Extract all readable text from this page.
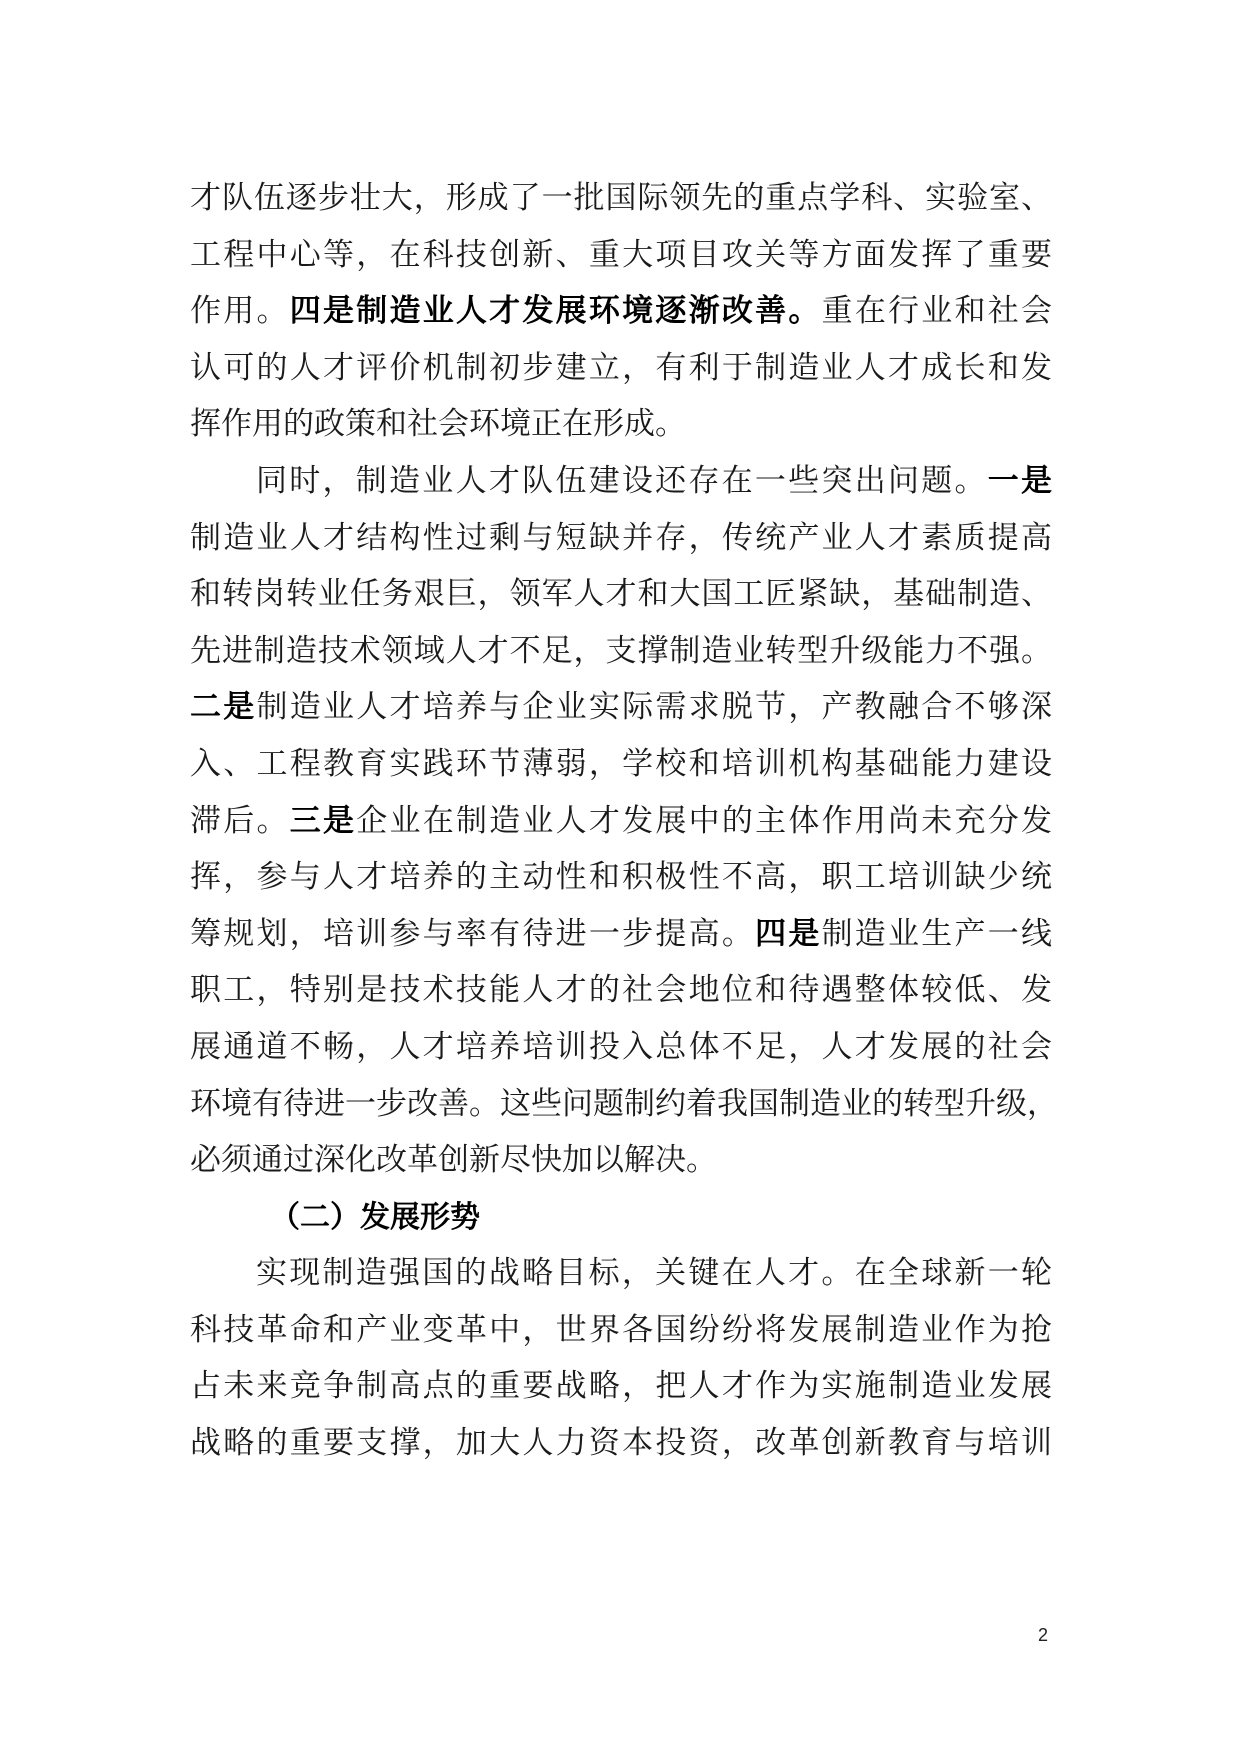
才队伍逐步壮大，形成了一批国际领先的重点学科、实验室、
工程中心等，在科技创新、重大项目攻关等方面发挥了重要
作用。四是制造业人才发展环境逐渐改善。重在行业和社会
认可的人才评价机制初步建立，有利于制造业人才成长和发
挥作用的政策和社会环境正在形成。
同时，制造业人才队伍建设还存在一些突出问题。一是
制造业人才结构性过剩与短缺并存，传统产业人才素质提高
和转岗转业任务艰巨，领军人才和大国工匠紧缺，基础制造、
先进制造技术领域人才不足，支撑制造业转型升级能力不强。
二是制造业人才培养与企业实际需求脱节，产教融合不够深
入、工程教育实践环节薄弱，学校和培训机构基础能力建设
滞后。三是企业在制造业人才发展中的主体作用尚未充分发
挥，参与人才培养的主动性和积极性不高，职工培训缺少统
筹规划，培训参与率有待进一步提高。四是制造业生产一线
职工，特别是技术技能人才的社会地位和待遇整体较低、发
展通道不畅，人才培养培训投入总体不足，人才发展的社会
环境有待进一步改善。这些问题制约着我国制造业的转型升级，
必须通过深化改革创新尽快加以解决。
（二）发展形势
实现制造强国的战略目标，关键在人才。在全球新一轮
科技革命和产业变革中，世界各国纷纷将发展制造业作为抢
占未来竞争制高点的重要战略，把人才作为实施制造业发展
战略的重要支撑，加大人力资本投资，改革创新教育与培训
2
